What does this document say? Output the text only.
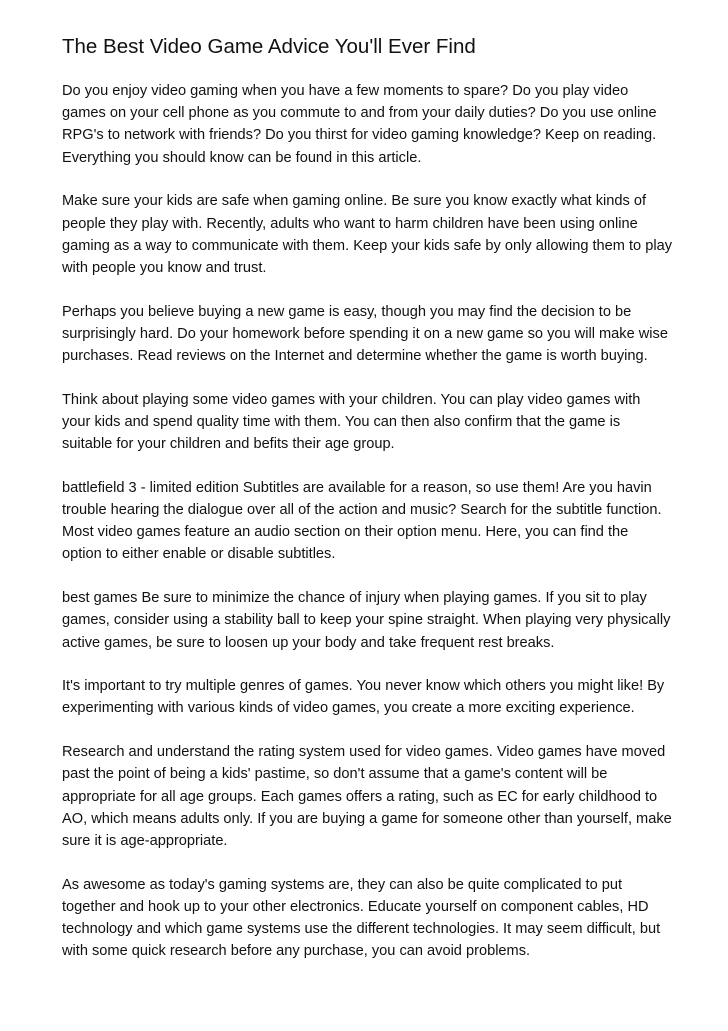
The Best Video Game Advice You'll Ever Find

Do you enjoy video gaming when you have a few moments to spare? Do you play video games on your cell phone as you commute to and from your daily duties? Do you use online RPG's to network with friends? Do you thirst for video gaming knowledge? Keep on reading. Everything you should know can be found in this article.

Make sure your kids are safe when gaming online. Be sure you know exactly what kinds of people they play with. Recently, adults who want to harm children have been using online gaming as a way to communicate with them. Keep your kids safe by only allowing them to play with people you know and trust.

Perhaps you believe buying a new game is easy, though you may find the decision to be surprisingly hard. Do your homework before spending it on a new game so you will make wise purchases. Read reviews on the Internet and determine whether the game is worth buying.

Think about playing some video games with your children. You can play video games with your kids and spend quality time with them. You can then also confirm that the game is suitable for your children and befits their age group.

battlefield 3 - limited edition Subtitles are available for a reason, so use them! Are you havin trouble hearing the dialogue over all of the action and music? Search for the subtitle function. Most video games feature an audio section on their option menu. Here, you can find the option to either enable or disable subtitles.

best games Be sure to minimize the chance of injury when playing games. If you sit to play games, consider using a stability ball to keep your spine straight. When playing very physically active games, be sure to loosen up your body and take frequent rest breaks.

It's important to try multiple genres of games. You never know which others you might like! By experimenting with various kinds of video games, you create a more exciting experience.

Research and understand the rating system used for video games. Video games have moved past the point of being a kids' pastime, so don't assume that a game's content will be appropriate for all age groups. Each games offers a rating, such as EC for early childhood to AO, which means adults only. If you are buying a game for someone other than yourself, make sure it is age-appropriate.

As awesome as today's gaming systems are, they can also be quite complicated to put together and hook up to your other electronics. Educate yourself on component cables, HD technology and which game systems use the different technologies. It may seem difficult, but with some quick research before any purchase, you can avoid problems.
